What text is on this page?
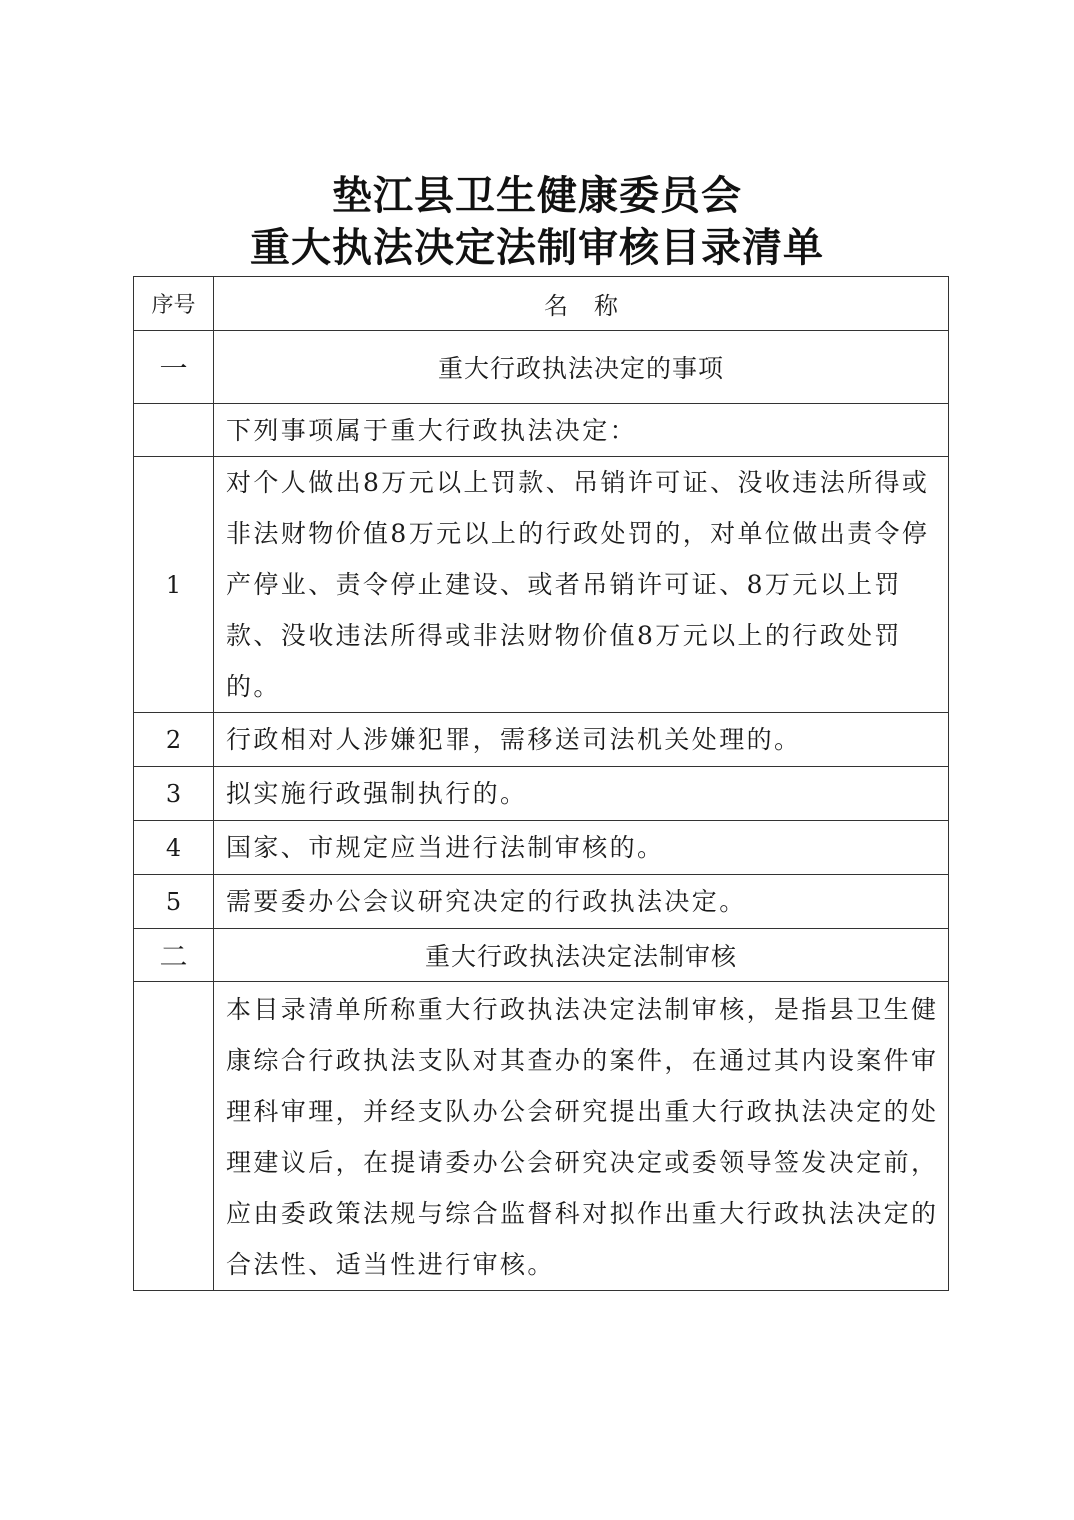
垫江县卫生健康委员会
重大执法决定法制审核目录清单
序号	名称
一	重大行政执法决定的事项
	下列事项属于重大行政执法决定：
1	对个人做出8万元以上罚款、吊销许可证、没收违法所得或非法财物价值8万元以上的行政处罚的，对单位做出责令停产停业、责令停止建设、或者吊销许可证、8万元以上罚款、没收违法所得或非法财物价值8万元以上的行政处罚的。
2	行政相对人涉嫌犯罪，需移送司法机关处理的。
3	拟实施行政强制执行的。
4	国家、市规定应当进行法制审核的。
5	需要委办公会议研究决定的行政执法决定。
二	重大行政执法决定法制审核
	本目录清单所称重大行政执法决定法制审核，是指县卫生健康综合行政执法支队对其查办的案件，在通过其内设案件审理科审理，并经支队办公会研究提出重大行政执法决定的处理建议后，在提请委办公会研究决定或委领导签发决定前，应由委政策法规与综合监督科对拟作出重大行政执法决定的合法性、适当性进行审核。
